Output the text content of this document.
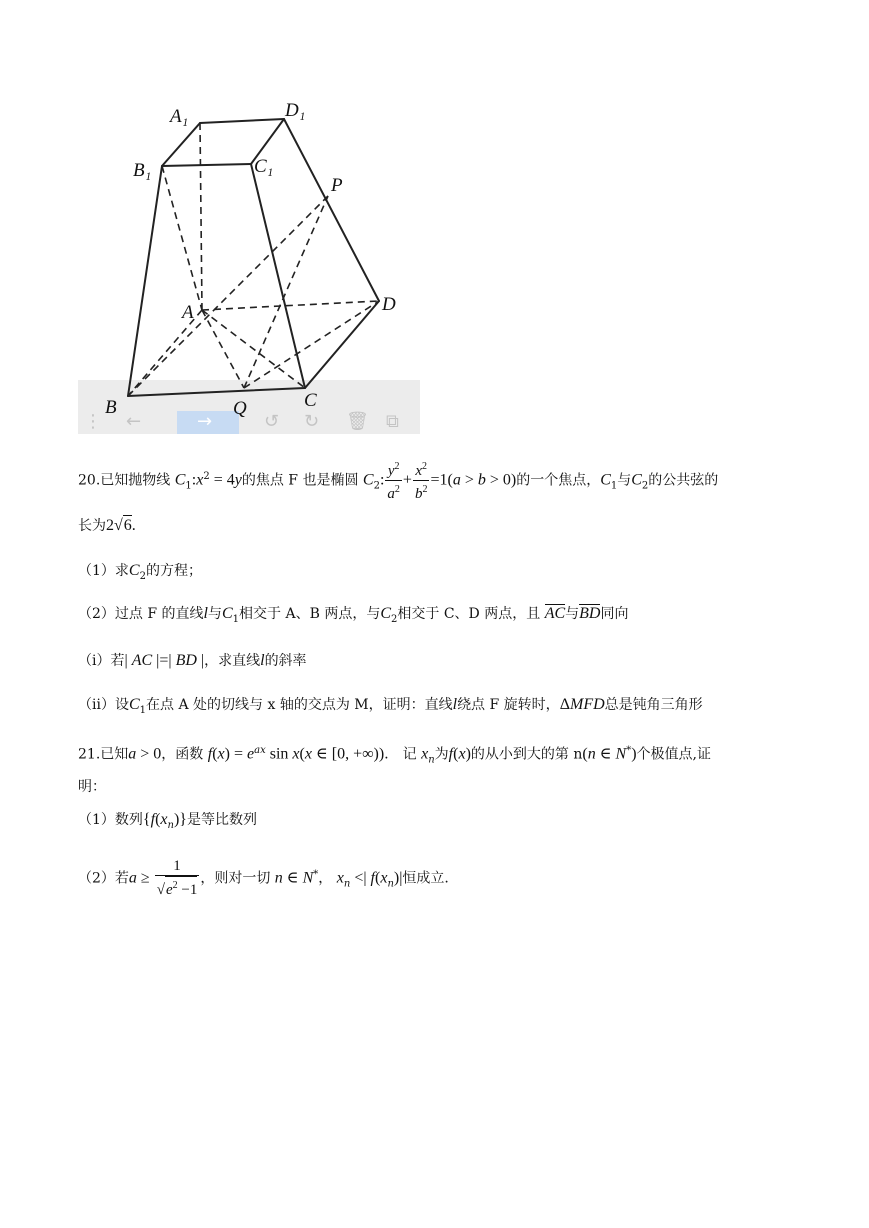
⋮ ←	→	↺ ↻ 🗑 ⧉
A₁	D₁
B₁	C₁
P
A	D
B	Q	C
20.已知抛物线 $C_1:x^2 = 4y$的焦点 F 也是椭圆 $C_2$: $\frac{y^2}{a^2} + \frac{x^2}{b^2} =1(a > b > 0)$的一个焦点，$C_1$与$C_2$的公共弦的
长为2√6.
（1）求$C_2$的方程；
（2）过点 F 的直线l与$C_1$相交于 A、B 两点，与$C_2$相交于 C、D 两点，且 AC与BD同向
（ⅰ）若| AC |=| BD |，求直线l的斜率
（ⅱ）设$C_1$在点 A 处的切线与 x 轴的交点为 M，证明：直线l绕点 F 旋转时，ΔMFD总是钝角三角形
21.已知a > 0，函数 $f(x) = e^{ax}$ sin x(x ∈ [0, +∞))． 记 $x_n$为f(x)的从小到大的第 n(n ∈ N*)个极值点,证
明：
（1）数列$\{f(x_n)\}$是等比数列
（2）若$a \ge \frac{1}{√e^2 -1}$ ，则对一切 n ∈ N*， $x_n$ <| $f(x_n)|$恒成立.
